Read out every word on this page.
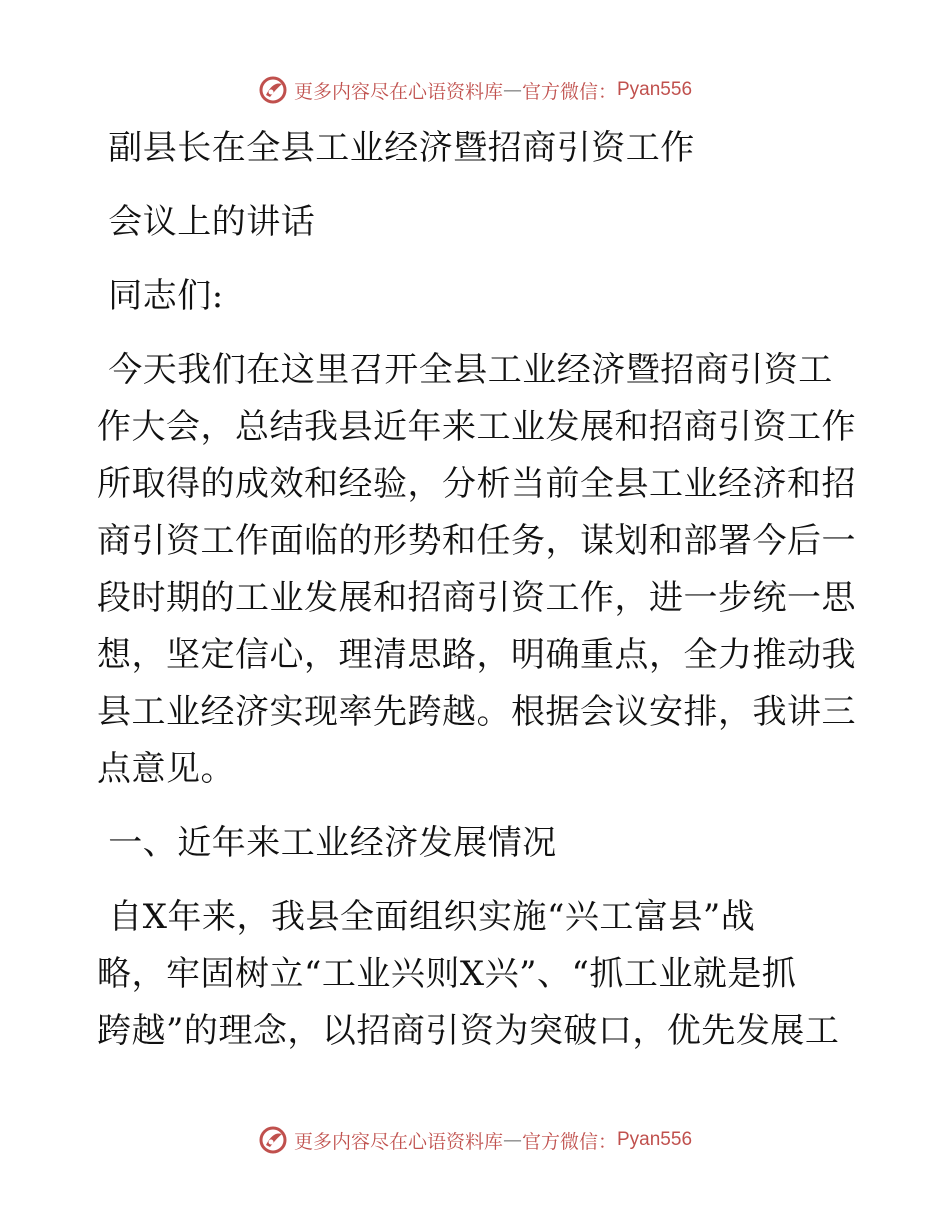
更多内容尽在心语资料库 — 官方微信： Pyan556
副县长在全县工业经济暨招商引资工作
会议上的讲话
同志们:
今天我们在这里召开全县工业经济暨招商引资工
作大会，总结我县近年来工业发展和招商引资工作
所取得的成效和经验，分析当前全县工业经济和招
商引资工作面临的形势和任务，谋划和部署今后一
段时期的工业发展和招商引资工作，进一步统一思
想，坚定信心，理清思路，明确重点，全力推动我
县工业经济实现率先跨越。根据会议安排，我讲三
点意见。
一、近年来工业经济发展情况
自X年来，我县全面组织实施“兴工富县”战
略，牢固树立“工业兴则X兴”、“抓工业就是抓
跨越”的理念，以招商引资为突破口，优先发展工
更多内容尽在心语资料库 — 官方微信： Pyan556
